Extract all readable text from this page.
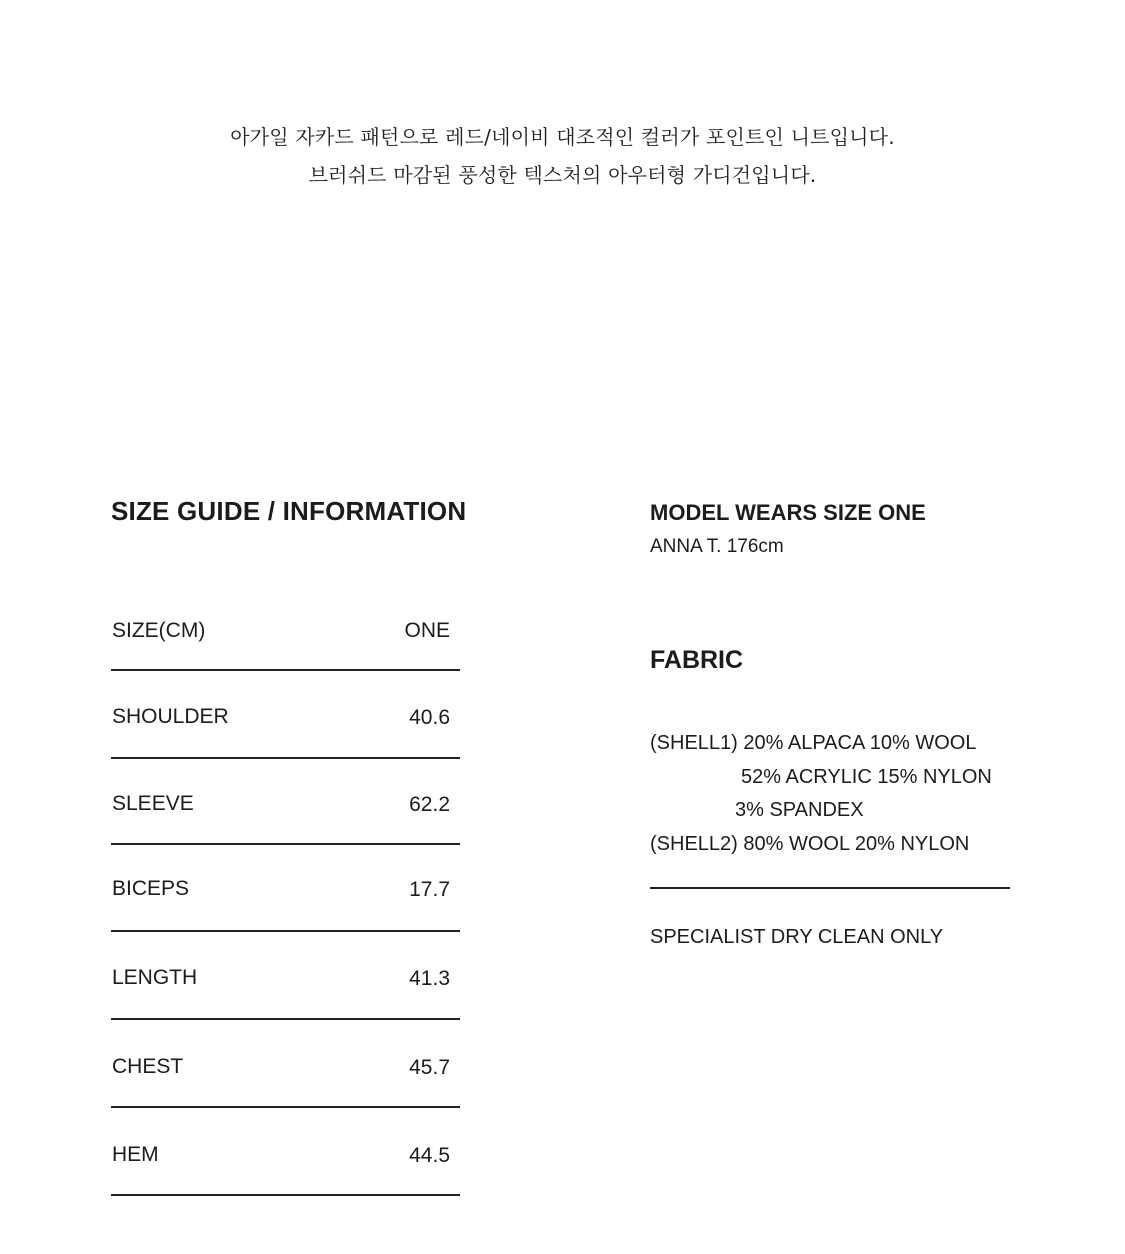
아가일 자카드 패턴으로 레드/네이비 대조적인 컬러가 포인트인 니트입니다.
브러쉬드 마감된 풍성한 텍스처의 아우터형 가디건입니다.
SIZE GUIDE / INFORMATION
SIZE(CM)	ONE
SHOULDER	40.6
SLEEVE	62.2
BICEPS	17.7
LENGTH	41.3
CHEST	45.7
HEM	44.5
MODEL WEARS SIZE ONE
ANNA T. 176cm
FABRIC
(SHELL1) 20% ALPACA 10% WOOL
52% ACRYLIC 15% NYLON
3% SPANDEX
(SHELL2) 80% WOOL 20% NYLON
SPECIALIST DRY CLEAN ONLY
